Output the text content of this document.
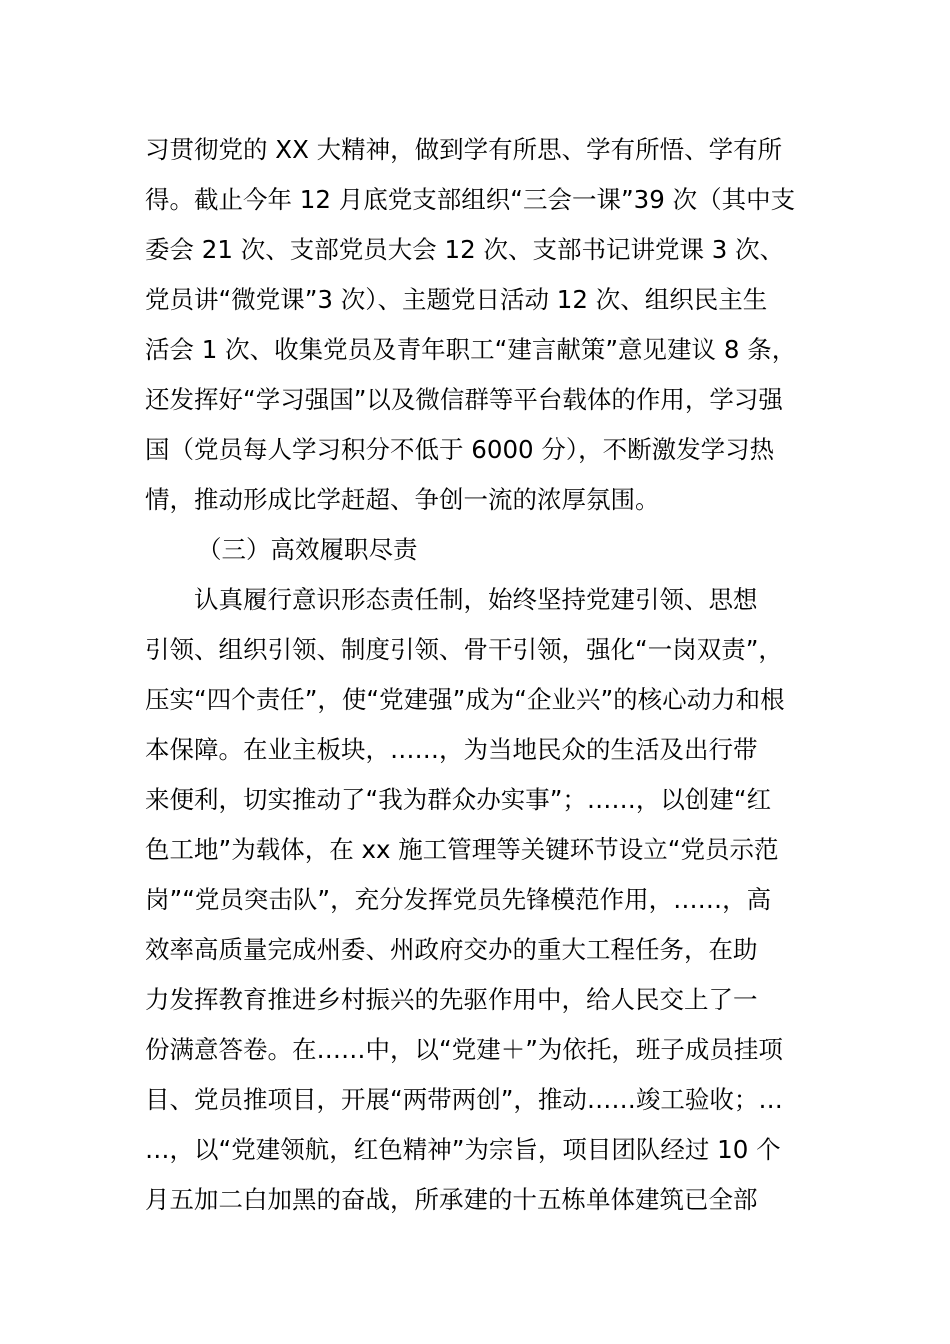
习贯彻党的 XX 大精神，做到学有所思、学有所悟、学有所
得。截止今年 12 月底党支部组织“三会一课”39 次（其中支
委会 21 次、支部党员大会 12 次、支部书记讲党课 3 次、
党员讲“微党课”3 次）、主题党日活动 12 次、组织民主生
活会 1 次、收集党员及青年职工“建言献策”意见建议 8 条，
还发挥好“学习强国”以及微信群等平台载体的作用，学习强
国（党员每人学习积分不低于 6000 分），不断激发学习热
情，推动形成比学赶超、争创一流的浓厚氛围。
（三）高效履职尽责
认真履行意识形态责任制，始终坚持党建引领、思想
引领、组织引领、制度引领、骨干引领，强化“一岗双责”，
压实“四个责任”，使“党建强”成为“企业兴”的核心动力和根
本保障。在业主板块，……，为当地民众的生活及出行带
来便利，切实推动了“我为群众办实事”；……，以创建“红
色工地”为载体，在 xx 施工管理等关键环节设立“党员示范
岗”“党员突击队”，充分发挥党员先锋模范作用，……，高
效率高质量完成州委、州政府交办的重大工程任务，在助
力发挥教育推进乡村振兴的先驱作用中，给人民交上了一
份满意答卷。在……中，以“党建＋”为依托，班子成员挂项
目、党员推项目，开展“两带两创”，推动……竣工验收；…
…，以“党建领航，红色精神”为宗旨，项目团队经过 10 个
月五加二白加黑的奋战，所承建的十五栋单体建筑已全部
